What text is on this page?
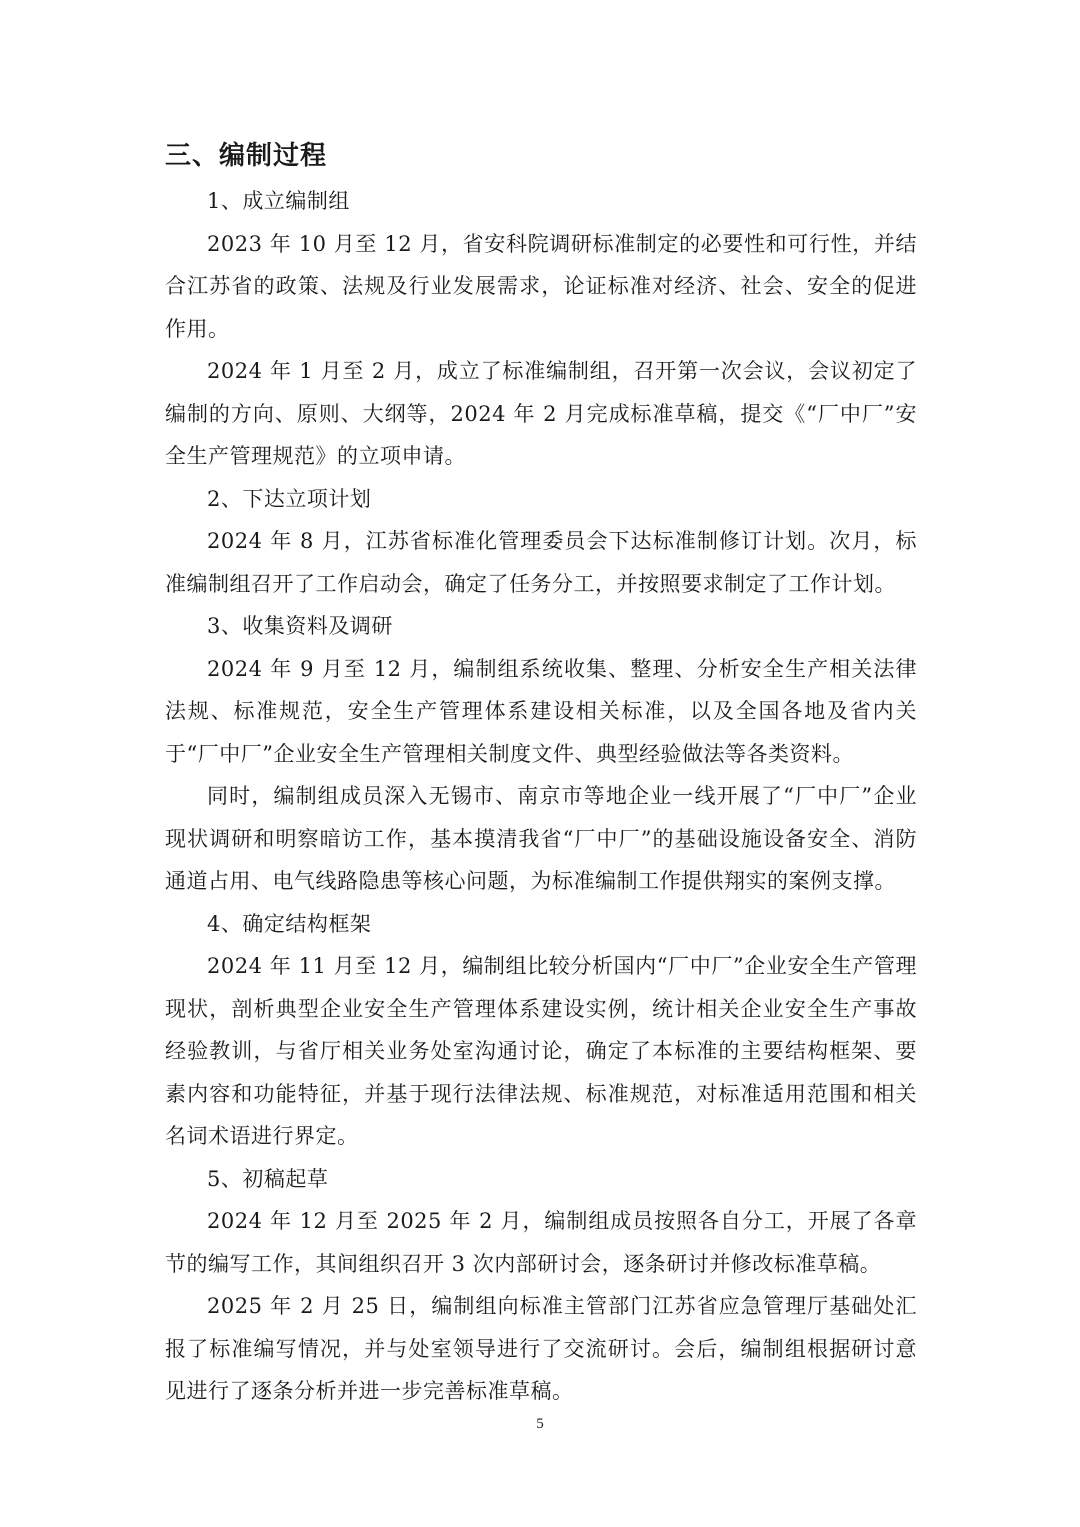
三、编制过程

1、成立编制组

2023 年 10 月至 12 月，省安科院调研标准制定的必要性和可行性，并结合江苏省的政策、法规及行业发展需求，论证标准对经济、社会、安全的促进作用。

2024 年 1 月至 2 月，成立了标准编制组，召开第一次会议，会议初定了编制的方向、原则、大纲等，2024 年 2 月完成标准草稿，提交《“厂中厂”安全生产管理规范》的立项申请。

2、下达立项计划

2024 年 8 月，江苏省标准化管理委员会下达标准制修订计划。次月，标准编制组召开了工作启动会，确定了任务分工，并按照要求制定了工作计划。

3、收集资料及调研

2024 年 9 月至 12 月，编制组系统收集、整理、分析安全生产相关法律法规、标准规范，安全生产管理体系建设相关标准，以及全国各地及省内关于“厂中厂”企业安全生产管理相关制度文件、典型经验做法等各类资料。

同时，编制组成员深入无锡市、南京市等地企业一线开展了“厂中厂”企业现状调研和明察暗访工作，基本摸清我省“厂中厂”的基础设施设备安全、消防通道占用、电气线路隐患等核心问题，为标准编制工作提供翔实的案例支撑。

4、确定结构框架

2024 年 11 月至 12 月，编制组比较分析国内“厂中厂”企业安全生产管理现状，剖析典型企业安全生产管理体系建设实例，统计相关企业安全生产事故经验教训，与省厅相关业务处室沟通讨论，确定了本标准的主要结构框架、要素内容和功能特征，并基于现行法律法规、标准规范，对标准适用范围和相关名词术语进行界定。

5、初稿起草

2024 年 12 月至 2025 年 2 月，编制组成员按照各自分工，开展了各章节的编写工作，其间组织召开 3 次内部研讨会，逐条研讨并修改标准草稿。

2025 年 2 月 25 日，编制组向标准主管部门江苏省应急管理厅基础处汇报了标准编写情况，并与处室领导进行了交流研讨。会后，编制组根据研讨意见进行了逐条分析并进一步完善标准草稿。

5
